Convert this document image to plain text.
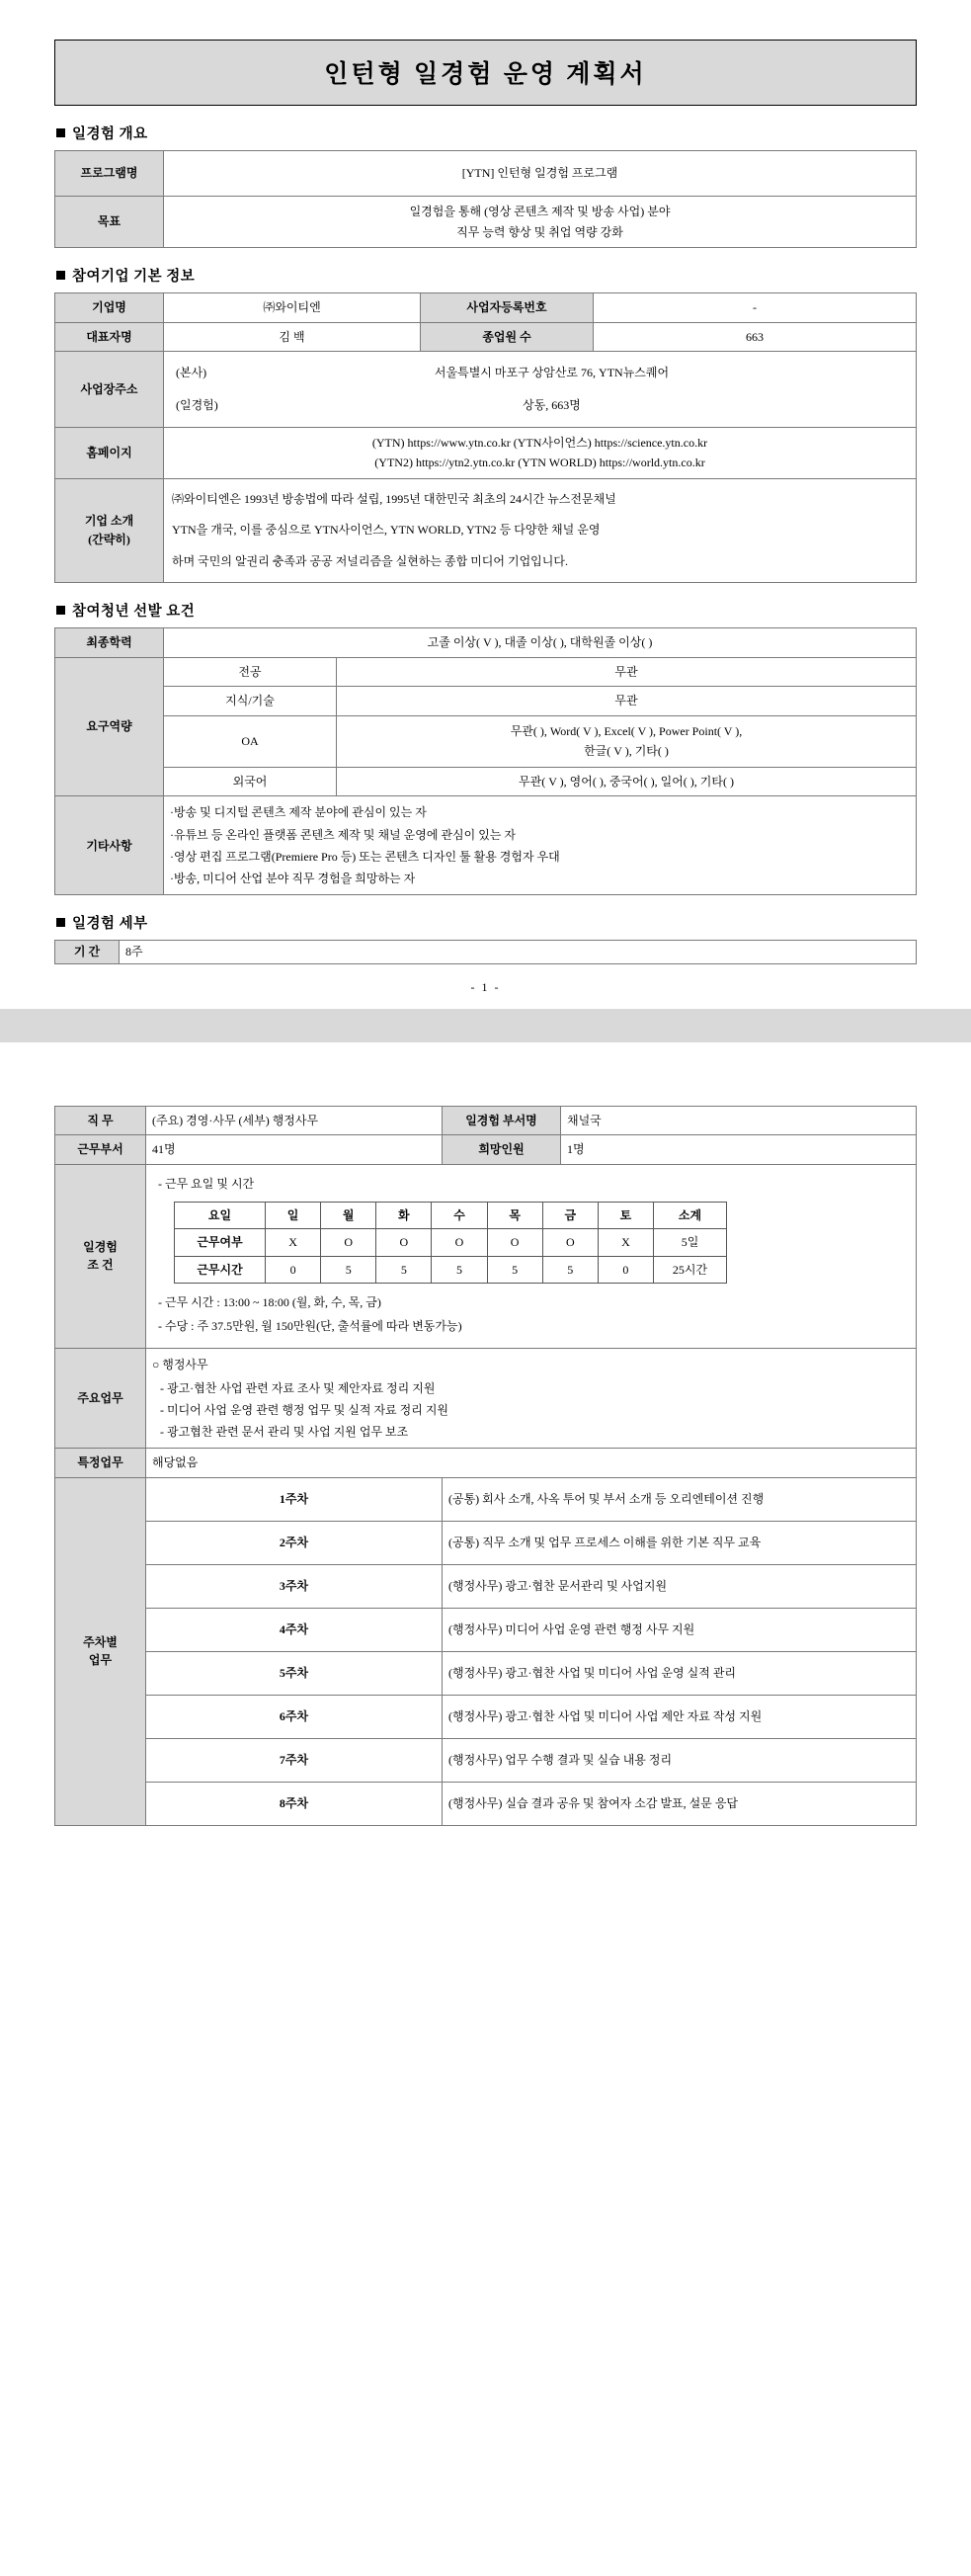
인턴형 일경험 운영 계획서
일경험 개요
프로그램명	[YTN] 인턴형 일경험 프로그램
목표	일경험을 통해 (영상 콘텐츠 제작 및 방송 사업) 분야
직무 능력 향상 및 취업 역량 강화
참여기업 기본 정보
기업명	㈜와이티엔	사업자등록번호	-
대표자명	김 백	종업원 수	663
사업장주소	(본사) 서울특별시 마포구 상암산로 76, YTN뉴스퀘어
(일경험) 상동, 663명		

홈페이지	(YTN) https://www.ytn.co.kr (YTN사이언스) https://science.ytn.co.kr
(YTN2) https://ytn2.ytn.co.kr (YTN WORLD) https://world.ytn.co.kr		

기업 소개
(간략히)

㈜와이티엔은 1993년 방송법에 따라 설립, 1995년 대한민국 최초의 24시간 뉴스전문채널

YTN을 개국, 이를 중심으로 YTN사이언스, YTN WORLD, YTN2 등 다양한 채널 운영

하며 국민의 알권리 충족과 공공 저널리즘을 실현하는 종합 미디어 기업입니다.

참여청년 선발 요건
최종학력	고졸 이상( V ), 대졸 이상( ), 대학원졸 이상( )	
요구역량	전공	무관
	지식/기술	무관
	OA	무관( ), Word( V ), Excel( V ), Power Point( V ),
한글( V ), 기타( )

	외국어	무관( V ), 영어( ), 중국어( ), 일어( ), 기타( )
기타사항	·방송 및 디지털 콘텐츠 제작 분야에 관심이 있는 자
·유튜브 등 온라인 플랫폼 콘텐츠 제작 및 채널 운영에 관심이 있는 자
·영상 편집 프로그램(Premiere Pro 등) 또는 콘텐츠 디자인 툴 활용 경험자 우대
·방송, 미디어 산업 분야 직무 경험을 희망하는 자	
일경험 세부
기 간	8주
- 1 -
직 무	(주요) 경영·사무 (세부) 행정사무	일경험 부서명	채널국
근무부서	41명	희망인원	1명

일경험
조 건

- 근무 요일 및 시간
요일	일	월	화	수	목	금	토	소계
근무여부	X	O	O	O	O	O	X	5일
근무시간	0	5	5	5	5	5	0	25시간
- 근무 시간 : 13:00 ~ 18:00 (월, 화, 수, 목, 금)
- 수당 : 주 37.5만원, 월 150만원(단, 출석률에 따라 변동가능)

주요업무	
○ 행정사무
- 광고·협찬 사업 관련 자료 조사 및 제안자료 정리 지원
- 미디어 사업 운영 관련 행정 업무 및 실적 자료 정리 지원
- 광고협찬 관련 문서 관리 및 사업 지원 업무 보조

특정업무	해당없음

주차별
업무
	1주차	(공통) 회사 소개, 사옥 투어 및 부서 소개 등 오리엔테이션 진행
2주차	(공통) 직무 소개 및 업무 프로세스 이해를 위한 기본 직무 교육
3주차	(행정사무) 광고·협찬 문서관리 및 사업지원
4주차	(행정사무) 미디어 사업 운영 관련 행정 사무 지원
5주차	(행정사무) 광고·협찬 사업 및 미디어 사업 운영 실적 관리
6주차	(행정사무) 광고·협찬 사업 및 미디어 사업 제안 자료 작성 지원
7주차	(행정사무) 업무 수행 결과 및 실습 내용 정리
8주차	(행정사무) 실습 결과 공유 및 참여자 소감 발표, 설문 응답
